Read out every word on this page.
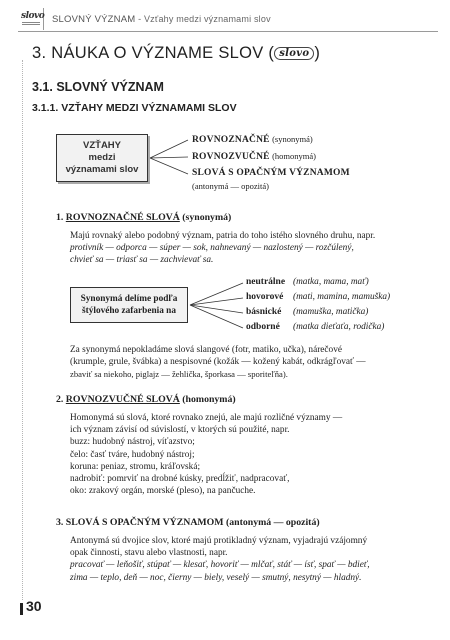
slovo SLOVNÝ VÝZNAM - Vzťahy medzi významami slov
3. NÁUKA O VÝZNAME SLOV ( slovo )
3.1. SLOVNÝ VÝZNAM
3.1.1. VZŤAHY MEDZI VÝZNAMAMI SLOV
VZŤAHY
medzi
významami slov
ROVNOZNAČNÉ (synonymá)
ROVNOZVUČNÉ (homonymá)
SLOVÁ S OPAČNÝM VÝZNAMOM
(antonymá — opozitá)
1. ROVNOZNAČNÉ SLOVÁ (synonymá)
Majú rovnaký alebo podobný význam, patria do toho istého slovného druhu, napr.
protivník — odporca — súper — sok, nahnevaný — nazlostený — rozčúlený,
chvieť sa — triasť sa — zachvievať sa.
Synonymá delíme podľa
štýlového zafarbenia na
neutrálne (matka, mama, mať)
hovorové (mati, mamina, mamuška)
básnické (mamuška, matička)
odborné (matka dieťaťa, rodička)
Za synonymá nepokladáme slová slangové (fotr, matiko, učka), nárečové
(krumple, grule, švábka) a nespisovné (kožák — kožený kabát, odkrágľovať —
zbaviť sa niekoho, piglajz — žehlička, šporkasa — sporiteľňa).
2. ROVNOZVUČNÉ SLOVÁ (homonymá)
Homonymá sú slová, ktoré rovnako znejú, ale majú rozličné významy —
ich význam závisí od súvislostí, v ktorých sú použité, napr.
buzz: hudobný nástroj, víťazstvo;
čelo: časť tváre, hudobný nástroj;
koruna: peniaz, stromu, kráľovská;
nadrobiť: pomrviť na drobné kúsky, predĺžiť, nadpracovať,
oko: zrakový orgán, morské (pleso), na pančuche.
3. SLOVÁ S OPAČNÝM VÝZNAMOM (antonymá — opozitá)
Antonymá sú dvojice slov, ktoré majú protikladný význam, vyjadrajú vzájomný
opak činnosti, stavu alebo vlastnosti, napr.
pracovať — leňošiť, stúpať — klesať, hovoriť — mlčať, stáť — ísť, spať — bdieť,
zima — teplo, deň — noc, čierny — biely, veselý — smutný, nesytný — hladný.
30
